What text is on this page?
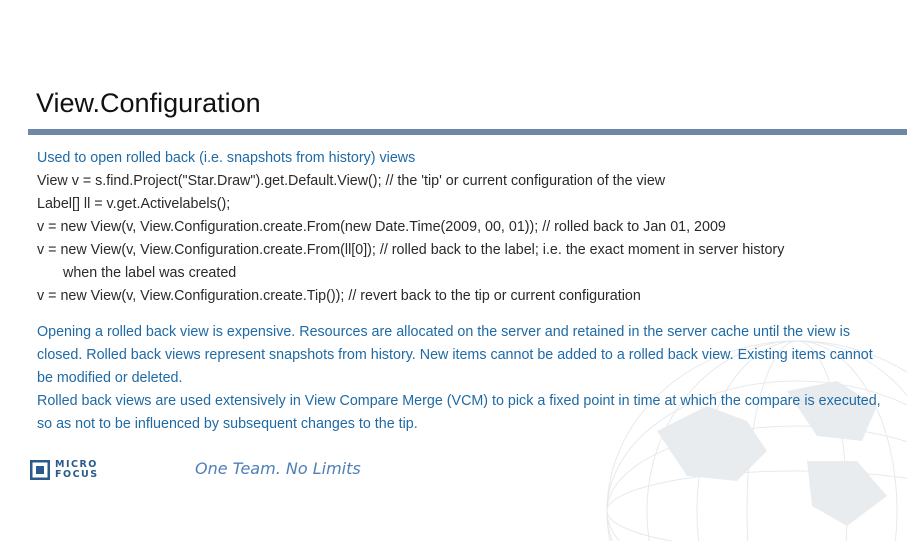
View.Configuration
Used to open rolled back (i.e. snapshots from history) views
View v = s.find.Project("Star.Draw").get.Default.View(); // the 'tip' or current configuration of the view
Label[] ll = v.get.Activelabels();
v = new View(v, View.Configuration.create.From(new Date.Time(2009, 00, 01)); // rolled back to Jan 01, 2009
v = new View(v, View.Configuration.create.From(ll[0]); // rolled back to the label; i.e. the exact moment in server history
when the label was created
v = new View(v, View.Configuration.create.Tip()); // revert back to the tip or current configuration
Opening a rolled back view is expensive. Resources are allocated on the server and retained in the server cache until the view is closed. Rolled back views represent snapshots from history. New items cannot be added to a rolled back view. Existing items cannot be modified or deleted.
Rolled back views are used extensively in View Compare Merge (VCM) to pick a fixed point in time at which the compare is executed, so as not to be influenced by subsequent changes to the tip.
MICRO
FOCUS	One Team. No Limits
